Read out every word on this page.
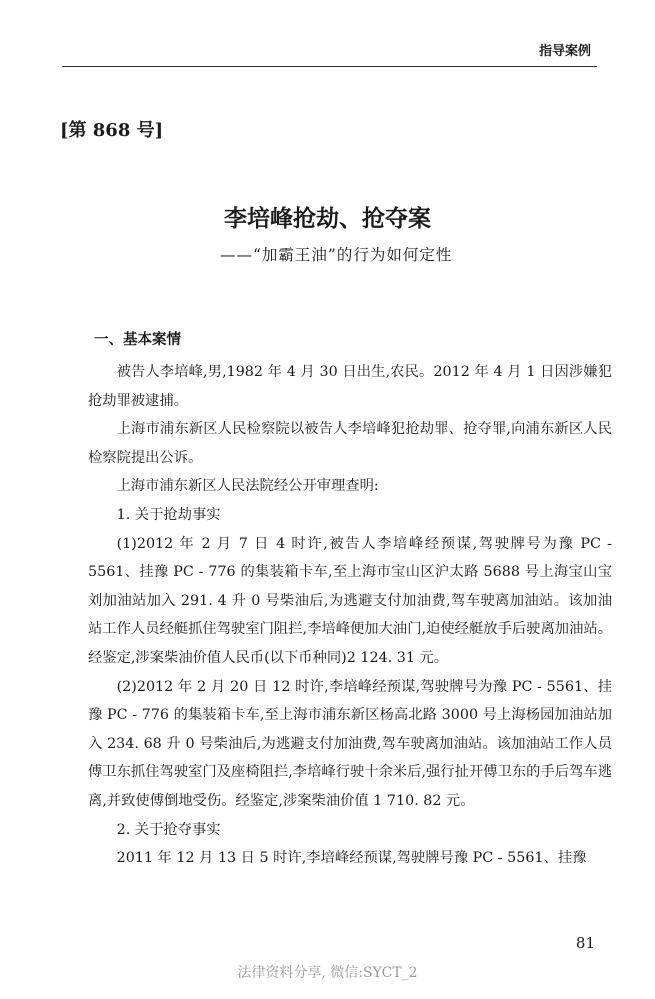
指导案例
[第 868 号]
李培峰抢劫、抢夺案
——“加霸王油”的行为如何定性
一、基本案情

被告人李培峰,男,1982 年 4 月 30 日出生,农民。2012 年 4 月 1 日因涉嫌犯抢劫罪被逮捕。

上海市浦东新区人民检察院以被告人李培峰犯抢劫罪、抢夺罪,向浦东新区人民检察院提出公诉。

上海市浦东新区人民法院经公开审理查明:

1. 关于抢劫事实

(1)2012 年 2 月 7 日 4 时许,被告人李培峰经预谋,驾驶牌号为豫 PC - 5561、挂豫 PC - 776 的集装箱卡车,至上海市宝山区沪太路 5688 号上海宝山宝刘加油站加入 291. 4 升 0 号柴油后,为逃避支付加油费,驾车驶离加油站。该加油站工作人员经艇抓住驾驶室门阻拦,李培峰便加大油门,迫使经艇放手后驶离加油站。经鉴定,涉案柴油价值人民币(以下币种同)2 124. 31 元。

(2)2012 年 2 月 20 日 12 时许,李培峰经预谋,驾驶牌号为豫 PC - 5561、挂豫 PC - 776 的集装箱卡车,至上海市浦东新区杨高北路 3000 号上海杨园加油站加入 234. 68 升 0 号柴油后,为逃避支付加油费,驾车驶离加油站。该加油站工作人员傅卫东抓住驾驶室门及座椅阻拦,李培峰行驶十余米后,强行扯开傅卫东的手后驾车逃离,并致使傅倒地受伤。经鉴定,涉案柴油价值 1 710. 82 元。

2. 关于抢夺事实

2011 年 12 月 13 日 5 时许,李培峰经预谋,驾驶牌号豫 PC - 5561、挂豫

81
法律资料分享, 微信:SYCT_2
